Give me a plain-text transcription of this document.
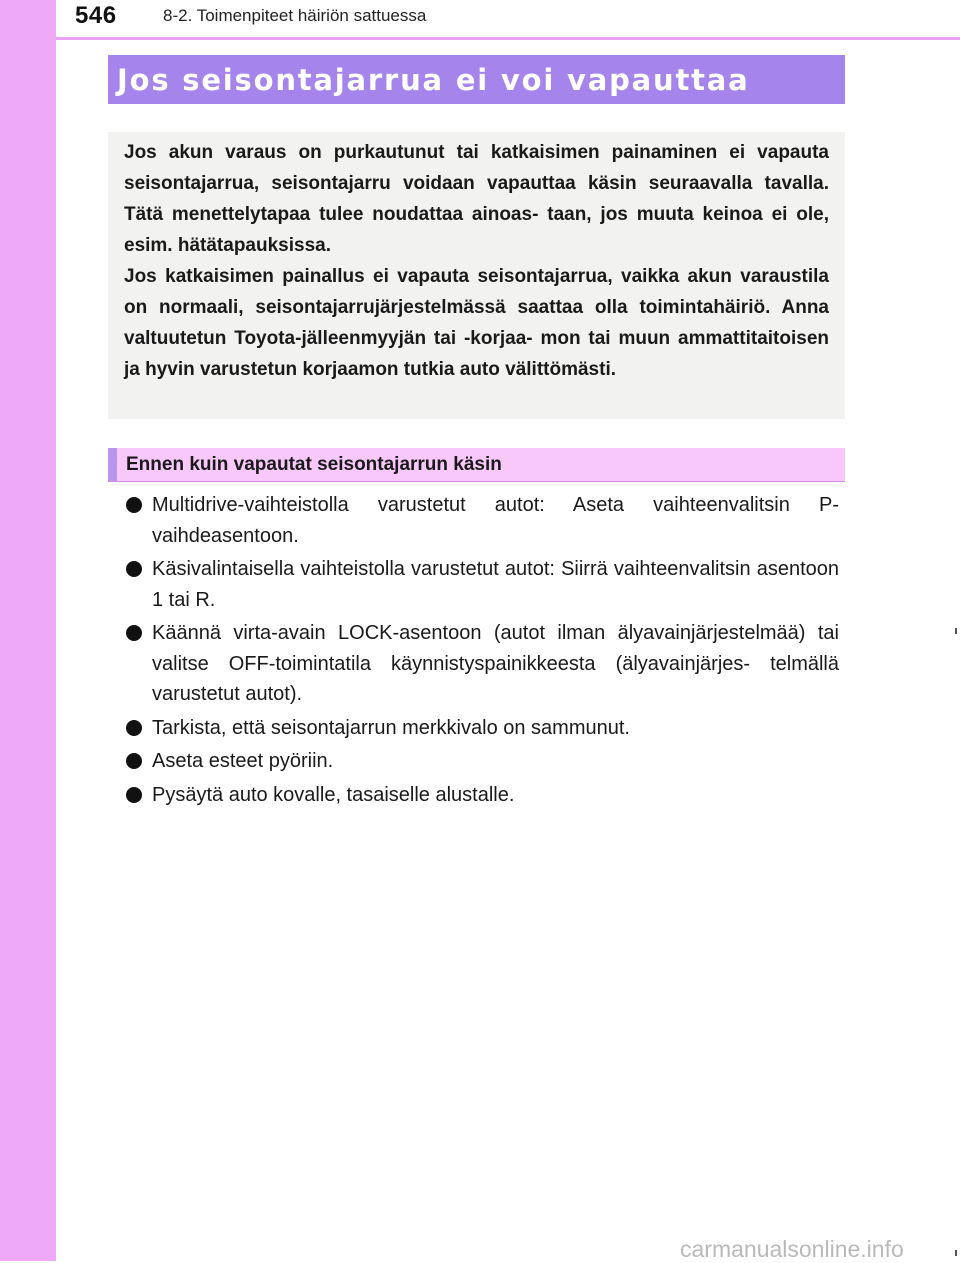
546	8-2. Toimenpiteet häiriön sattuessa
Jos seisontajarrua ei voi vapauttaa

Jos akun varaus on purkautunut tai katkaisimen painaminen ei vapauta seisontajarrua, seisontajarru voidaan vapauttaa käsin seuraavalla tavalla. Tätä menettelytapaa tulee noudattaa ainoas- taan, jos muuta keinoa ei ole, esim. hätätapauksissa.

Jos katkaisimen painallus ei vapauta seisontajarrua, vaikka akun varaustila on normaali, seisontajarrujärjestelmässä saattaa olla toimintahäiriö. Anna valtuutetun Toyota-jälleenmyyjän tai -korjaa- mon tai muun ammattitaitoisen ja hyvin varustetun korjaamon tutkia auto välittömästi.

Ennen kuin vapautat seisontajarrun käsin
Multidrive-vaihteistolla varustetut autot: Aseta vaihteenvalitsin P-vaihdeasentoon.
Käsivalintaisella vaihteistolla varustetut autot: Siirrä vaihteenvalitsin asentoon 1 tai R.
Käännä virta-avain LOCK-asentoon (autot ilman älyavainjärjestelmää) tai valitse OFF-toimintatila käynnistyspainikkeesta (älyavainjärjes- telmällä varustetut autot).
Tarkista, että seisontajarrun merkkivalo on sammunut.
Aseta esteet pyöriin.
Pysäytä auto kovalle, tasaiselle alustalle.
carmanualsonline.info
